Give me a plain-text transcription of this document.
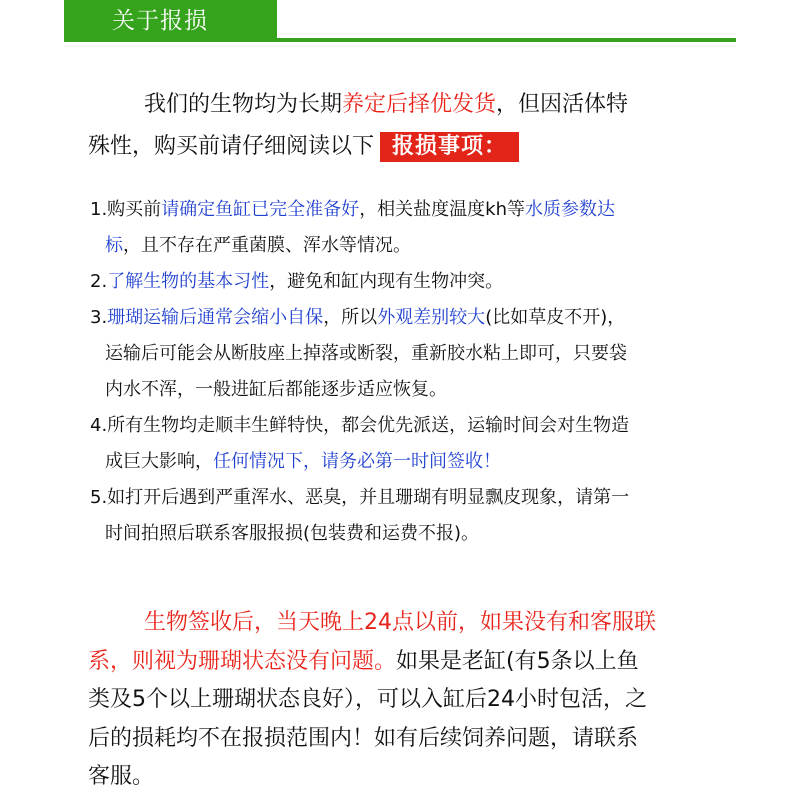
关于报损
我们的生物均为长期养定后择优发货，但因活体特
殊性，购买前请仔细阅读以下 报损事项：

1.购买前请确定鱼缸已完全准备好，相关盐度温度kh等水质参数达

标，且不存在严重菌膜、浑水等情况。

2.了解生物的基本习性，避免和缸内现有生物冲突。

3.珊瑚运输后通常会缩小自保，所以外观差别较大(比如草皮不开)，

运输后可能会从断肢座上掉落或断裂，重新胶水粘上即可，只要袋

内水不浑，一般进缸后都能逐步适应恢复。

4.所有生物均走顺丰生鲜特快，都会优先派送，运输时间会对生物造

成巨大影响，任何情况下，请务必第一时间签收！

5.如打开后遇到严重浑水、恶臭，并且珊瑚有明显飘皮现象，请第一

时间拍照后联系客服报损(包装费和运费不报)。

生物签收后，当天晚上24点以前，如果没有和客服联
系，则视为珊瑚状态没有问题。如果是老缸(有5条以上鱼
类及5个以上珊瑚状态良好），可以入缸后24小时包活，之
后的损耗均不在报损范围内！如有后续饲养问题，请联系
客服。
